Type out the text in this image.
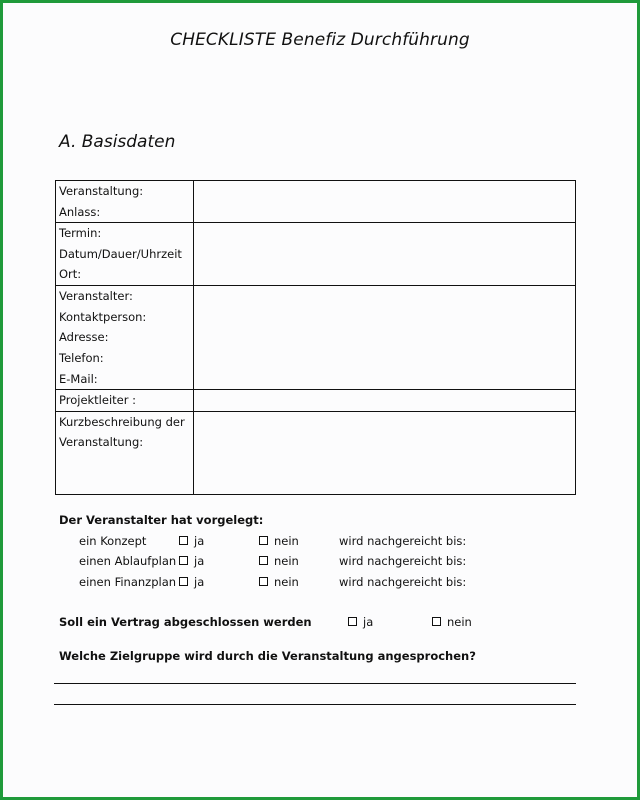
CHECKLISTE Benefiz Durchführung
A. Basisdaten
Veranstaltung:
Anlass:	

Termin:
Datum/Dauer/Uhrzeit
Ort:	

Veranstalter:
Kontaktperson:
Adresse:
Telefon:
E-Mail:	

Projektleiter :	

Kurzbeschreibung der
Veranstaltung:	

Der Veranstalter hat vorgelegt:
ein Konzept	ja	nein	wird nachgereicht bis:
einen Ablaufplan	ja	nein	wird nachgereicht bis:
einen Finanzplan	ja	nein	wird nachgereicht bis:
Soll ein Vertrag abgeschlossen werden	ja	nein
Welche Zielgruppe wird durch die Veranstaltung angesprochen?
